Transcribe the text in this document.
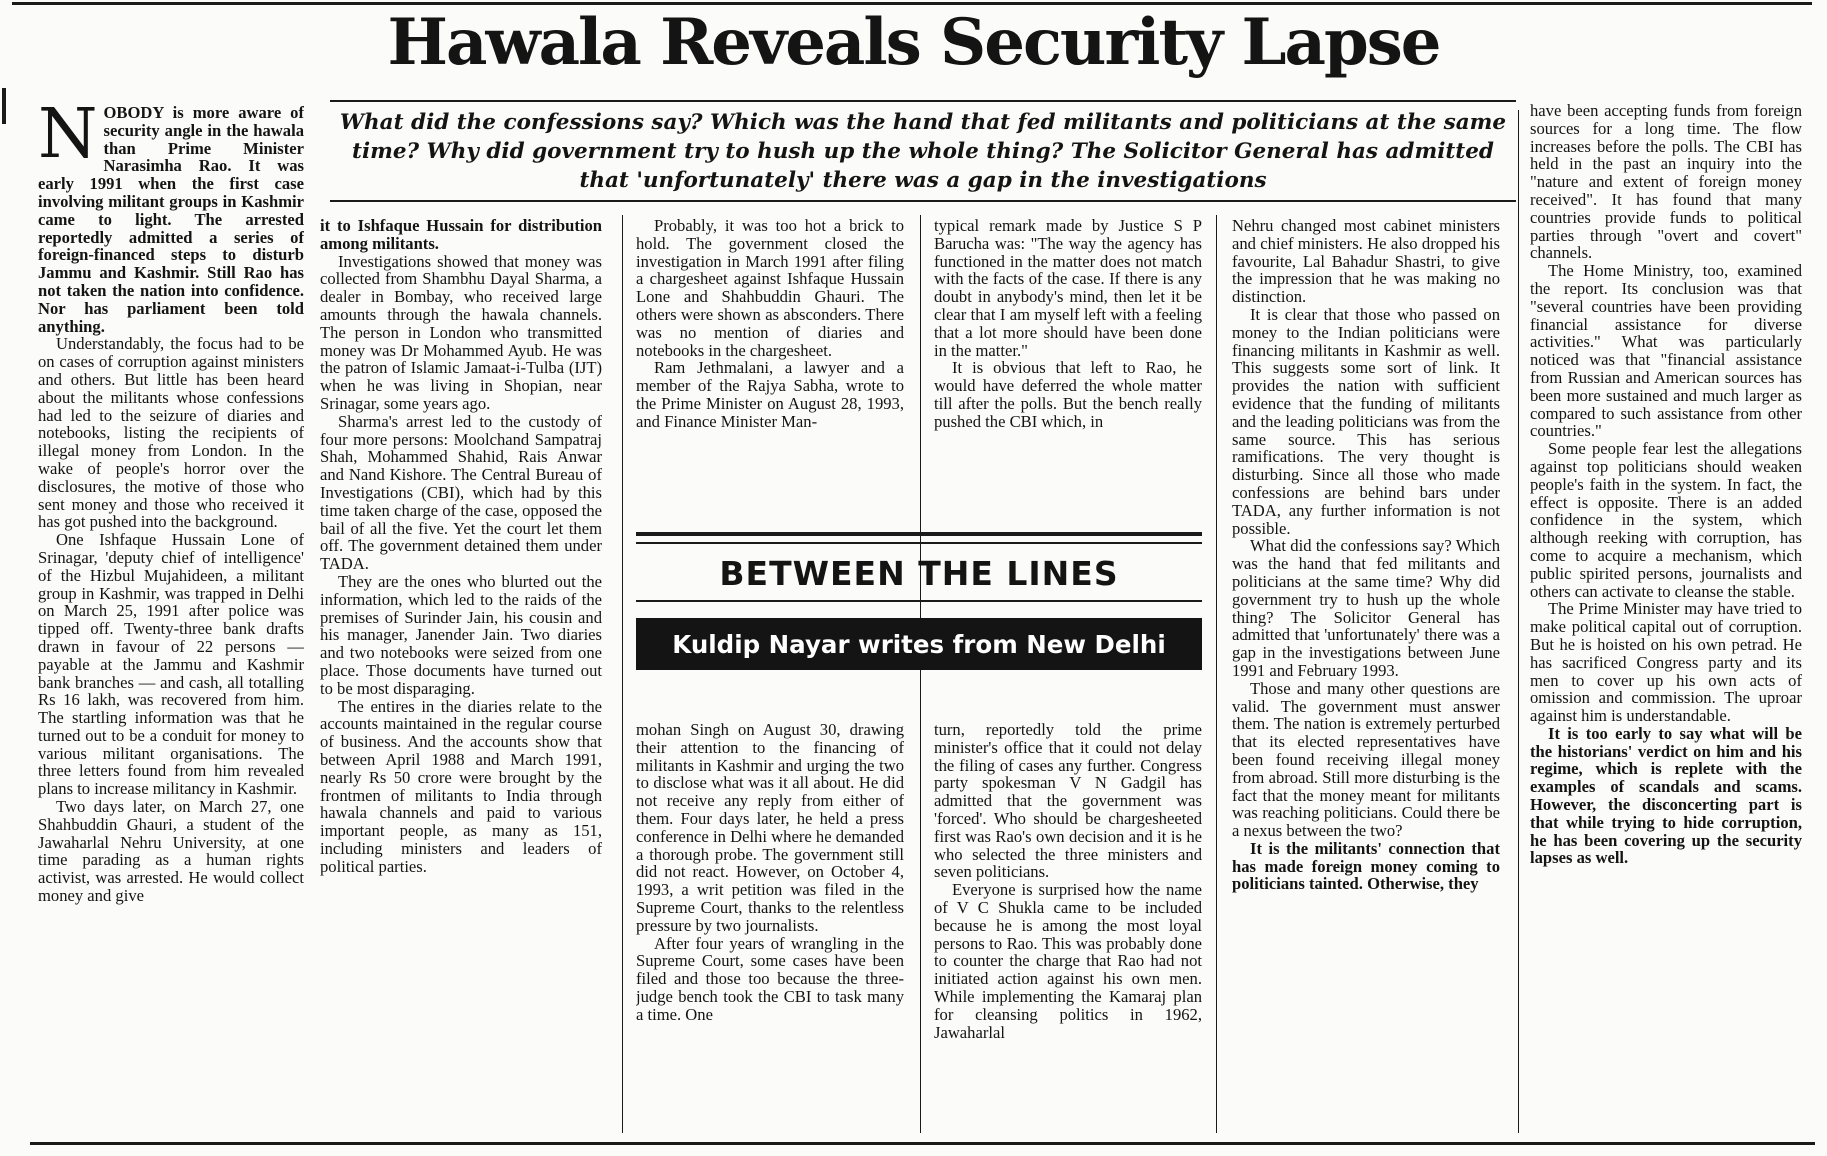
Hawala Reveals Security Lapse
What did the confessions say? Which was the hand that fed militants and politicians at the same time? Why did government try to hush up the whole thing? The Solicitor General has admitted that 'unfortunately' there was a gap in the investigations
N OBODY is more aware of security angle in the hawala than Prime Minister Narasimha Rao. It was early 1991 when the first case involving militant groups in Kashmir came to light. The arrested reportedly admitted a series of foreign-financed steps to disturb Jammu and Kashmir. Still Rao has not taken the nation into confidence. Nor has parliament been told anything.

Understandably, the focus had to be on cases of corruption against ministers and others. But little has been heard about the militants whose confessions had led to the seizure of diaries and notebooks, listing the recipients of illegal money from London. In the wake of people's horror over the disclosures, the motive of those who sent money and those who received it has got pushed into the background.

One Ishfaque Hussain Lone of Srinagar, 'deputy chief of intelligence' of the Hizbul Mujahideen, a militant group in Kashmir, was trapped in Delhi on March 25, 1991 after police was tipped off. Twenty-three bank drafts drawn in favour of 22 persons — payable at the Jammu and Kashmir bank branches — and cash, all totalling Rs 16 lakh, was recovered from him. The startling information was that he turned out to be a conduit for money to various militant organisations. The three letters found from him revealed plans to increase militancy in Kashmir.

Two days later, on March 27, one Shahbuddin Ghauri, a student of the Jawaharlal Nehru University, at one time parading as a human rights activist, was arrested. He would collect money and give

it to Ishfaque Hussain for distribution among militants.

Investigations showed that money was collected from Shambhu Dayal Sharma, a dealer in Bombay, who received large amounts through the hawala channels. The person in London who transmitted money was Dr Mohammed Ayub. He was the patron of Islamic Jamaat-i-Tulba (IJT) when he was living in Shopian, near Srinagar, some years ago.

Sharma's arrest led to the custody of four more persons: Moolchand Sampatraj Shah, Mohammed Shahid, Rais Anwar and Nand Kishore. The Central Bureau of Investigations (CBI), which had by this time taken charge of the case, opposed the bail of all the five. Yet the court let them off. The government detained them under TADA.

They are the ones who blurted out the information, which led to the raids of the premises of Surinder Jain, his cousin and his manager, Janender Jain. Two diaries and two notebooks were seized from one place. Those documents have turned out to be most disparaging.

The entires in the diaries relate to the accounts maintained in the regular course of business. And the accounts show that between April 1988 and March 1991, nearly Rs 50 crore were brought by the frontmen of militants to India through hawala channels and paid to various important people, as many as 151, including ministers and leaders of political parties.

Probably, it was too hot a brick to hold. The government closed the investigation in March 1991 after filing a chargesheet against Ishfaque Hussain Lone and Shahbuddin Ghauri. The others were shown as absconders. There was no mention of diaries and notebooks in the chargesheet.

Ram Jethmalani, a lawyer and a member of the Rajya Sabha, wrote to the Prime Minister on August 28, 1993, and Finance Minister Man-

typical remark made by Justice S P Barucha was: "The way the agency has functioned in the matter does not match with the facts of the case. If there is any doubt in anybody's mind, then let it be clear that I am myself left with a feeling that a lot more should have been done in the matter."

It is obvious that left to Rao, he would have deferred the whole matter till after the polls. But the bench really pushed the CBI which, in

BETWEEN THE LINES
Kuldip Nayar writes from New Delhi

mohan Singh on August 30, drawing their attention to the financing of militants in Kashmir and urging the two to disclose what was it all about. He did not receive any reply from either of them. Four days later, he held a press conference in Delhi where he demanded a thorough probe. The government still did not react. However, on October 4, 1993, a writ petition was filed in the Supreme Court, thanks to the relentless pressure by two journalists.

After four years of wrangling in the Supreme Court, some cases have been filed and those too because the three-judge bench took the CBI to task many a time. One

turn, reportedly told the prime minister's office that it could not delay the filing of cases any further. Congress party spokesman V N Gadgil has admitted that the government was 'forced'. Who should be chargesheeted first was Rao's own decision and it is he who selected the three ministers and seven politicians.

Everyone is surprised how the name of V C Shukla came to be included because he is among the most loyal persons to Rao. This was probably done to counter the charge that Rao had not initiated action against his own men. While implementing the Kamaraj plan for cleansing politics in 1962, Jawaharlal

Nehru changed most cabinet ministers and chief ministers. He also dropped his favourite, Lal Bahadur Shastri, to give the impression that he was making no distinction.

It is clear that those who passed on money to the Indian politicians were financing militants in Kashmir as well. This suggests some sort of link. It provides the nation with sufficient evidence that the funding of militants and the leading politicians was from the same source. This has serious ramifications. The very thought is disturbing. Since all those who made confessions are behind bars under TADA, any further information is not possible.

What did the confessions say? Which was the hand that fed militants and politicians at the same time? Why did government try to hush up the whole thing? The Solicitor General has admitted that 'unfortunately' there was a gap in the investigations between June 1991 and February 1993.

Those and many other questions are valid. The government must answer them. The nation is extremely perturbed that its elected representatives have been found receiving illegal money from abroad. Still more disturbing is the fact that the money meant for militants was reaching politicians. Could there be a nexus between the two?

It is the militants' connection that has made foreign money coming to politicians tainted. Otherwise, they

have been accepting funds from foreign sources for a long time. The flow increases before the polls. The CBI has held in the past an inquiry into the "nature and extent of foreign money received". It has found that many countries provide funds to political parties through "overt and covert" channels.

The Home Ministry, too, examined the report. Its conclusion was that "several countries have been providing financial assistance for diverse activities." What was particularly noticed was that "financial assistance from Russian and American sources has been more sustained and much larger as compared to such assistance from other countries."

Some people fear lest the allegations against top politicians should weaken people's faith in the system. In fact, the effect is opposite. There is an added confidence in the system, which although reeking with corruption, has come to acquire a mechanism, which public spirited persons, journalists and others can activate to cleanse the stable.

The Prime Minister may have tried to make political capital out of corruption. But he is hoisted on his own petrad. He has sacrificed Congress party and its men to cover up his own acts of omission and commission. The uproar against him is understandable.

It is too early to say what will be the historians' verdict on him and his regime, which is replete with the examples of scandals and scams. However, the disconcerting part is that while trying to hide corruption, he has been covering up the security lapses as well.
